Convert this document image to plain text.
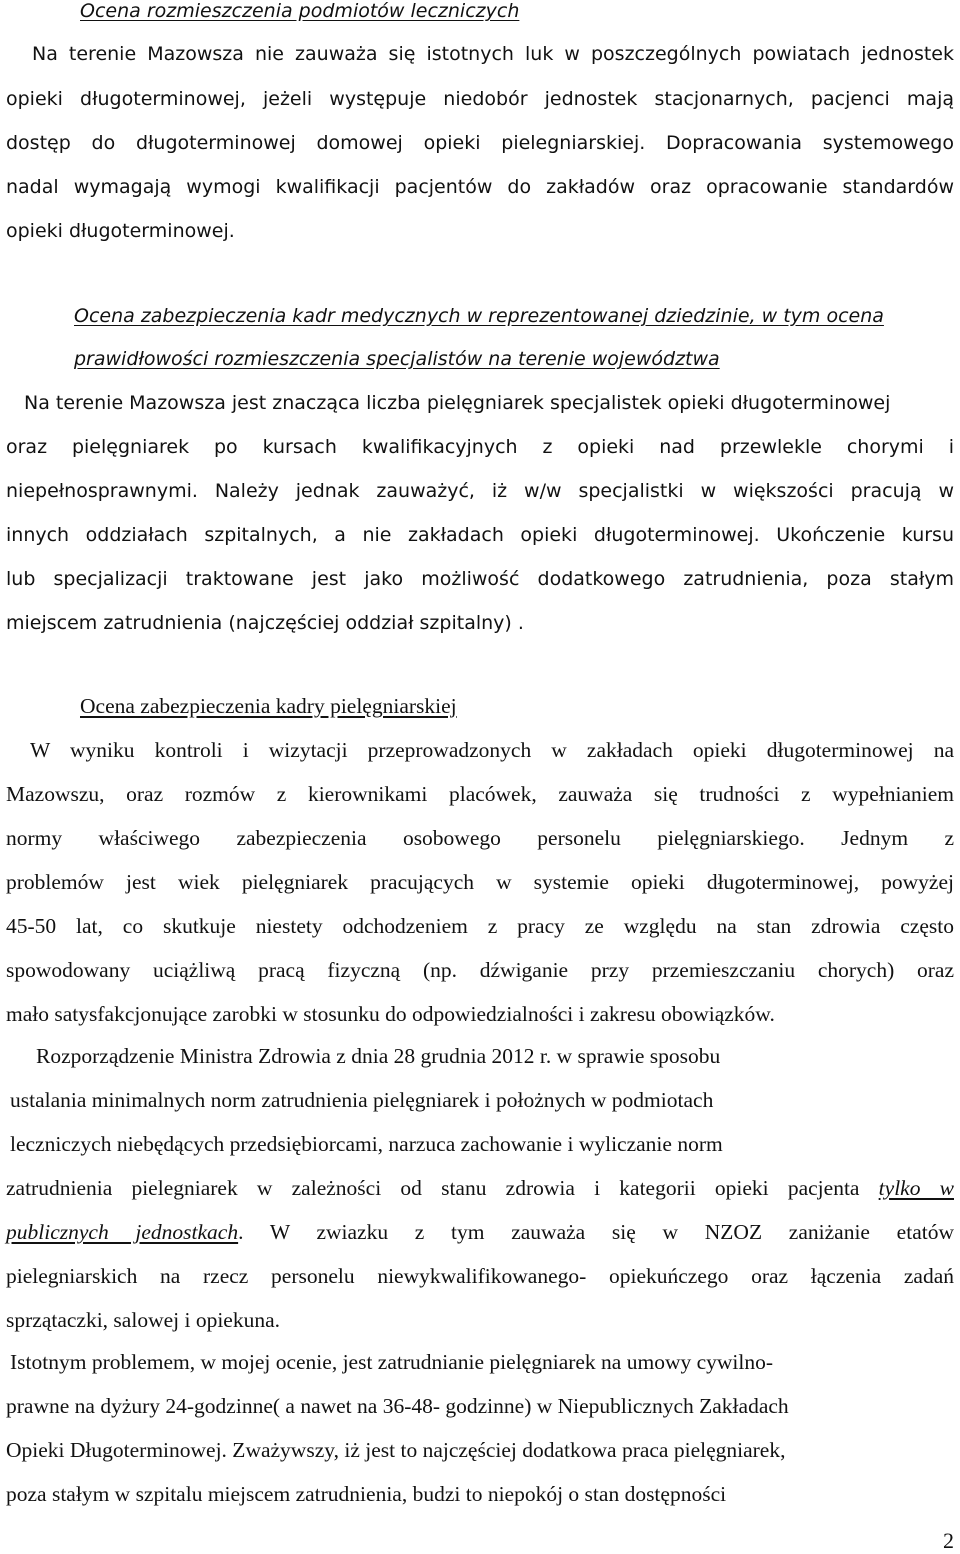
Ocena rozmieszczenia podmiotów leczniczych
Na terenie Mazowsza nie zauważa się istotnych luk w poszczególnych powiatach jednostek
opieki długoterminowej, jeżeli występuje niedobór jednostek stacjonarnych, pacjenci mają
dostęp do długoterminowej domowej opieki pielegniarskiej. Dopracowania systemowego
nadal wymagają wymogi kwalifikacji pacjentów do zakładów oraz opracowanie standardów
opieki długoterminowej.
Ocena zabezpieczenia kadr medycznych w reprezentowanej dziedzinie, w tym ocena
prawidłowości rozmieszczenia specjalistów na terenie województwa
Na terenie Mazowsza jest znacząca liczba pielęgniarek specjalistek opieki długoterminowej
oraz pielęgniarek po kursach kwalifikacyjnych z opieki nad przewlekle chorymi i
niepełnosprawnymi. Należy jednak zauważyć, iż w/w specjalistki w większości pracują w
innych oddziałach szpitalnych, a nie zakładach opieki długoterminowej. Ukończenie kursu
lub specjalizacji traktowane jest jako możliwość dodatkowego zatrudnienia, poza stałym
miejscem zatrudnienia (najczęściej oddział szpitalny) .
Ocena zabezpieczenia kadry pielęgniarskiej
W wyniku kontroli i wizytacji przeprowadzonych w zakładach opieki długoterminowej na
Mazowszu, oraz rozmów z kierownikami placówek, zauważa się trudności z wypełnianiem
normy właściwego zabezpieczenia osobowego personelu pielęgniarskiego. Jednym z
problemów jest wiek pielęgniarek pracujących w systemie opieki długoterminowej, powyżej
45-50 lat, co skutkuje niestety odchodzeniem z pracy ze względu na stan zdrowia często
spowodowany uciążliwą pracą fizyczną (np. dźwiganie przy przemieszczaniu chorych) oraz
mało satysfakcjonujące zarobki w stosunku do odpowiedzialności i zakresu obowiązków.
Rozporządzenie Ministra Zdrowia z dnia 28 grudnia 2012 r. w sprawie sposobu
ustalania minimalnych norm zatrudnienia pielęgniarek i położnych w podmiotach
leczniczych niebędących przedsiębiorcami, narzuca zachowanie i wyliczanie norm
zatrudnienia pielegniarek w zależności od stanu zdrowia i kategorii opieki pacjenta tylko w
publicznych jednostkach. W zwiazku z tym zauważa się w NZOZ zaniżanie etatów
pielegniarskich na rzecz personelu niewykwalifikowanego- opiekuńczego oraz łączenia zadań
sprzątaczki, salowej i opiekuna.
Istotnym problemem, w mojej ocenie, jest zatrudnianie pielęgniarek na umowy cywilno-
prawne na dyżury 24-godzinne( a nawet na 36-48- godzinne) w Niepublicznych Zakładach
Opieki Długoterminowej. Zważywszy, iż jest to najczęściej dodatkowa praca pielęgniarek,
poza stałym w szpitalu miejscem zatrudnienia, budzi to niepokój o stan dostępności
2
